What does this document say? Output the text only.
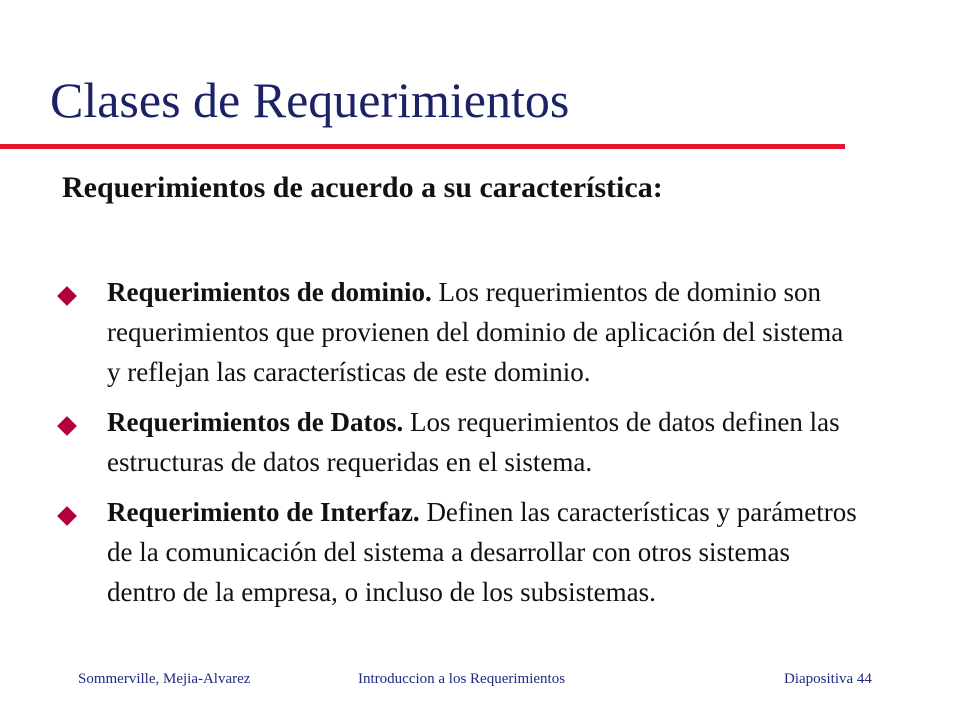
Clases de Requerimientos
Requerimientos de acuerdo a su característica:
Requerimientos de dominio. Los requerimientos de dominio son requerimientos que provienen del dominio de aplicación del sistema y reflejan las características de este dominio.
Requerimientos de Datos. Los requerimientos de datos definen las estructuras de datos requeridas en el sistema.
Requerimiento de Interfaz. Definen las características y parámetros de la comunicación del sistema a desarrollar con otros sistemas dentro de la empresa, o incluso de los subsistemas.

Sommerville, Mejia-Alvarez	Introduccion a los Requerimientos	Diapositiva 44
